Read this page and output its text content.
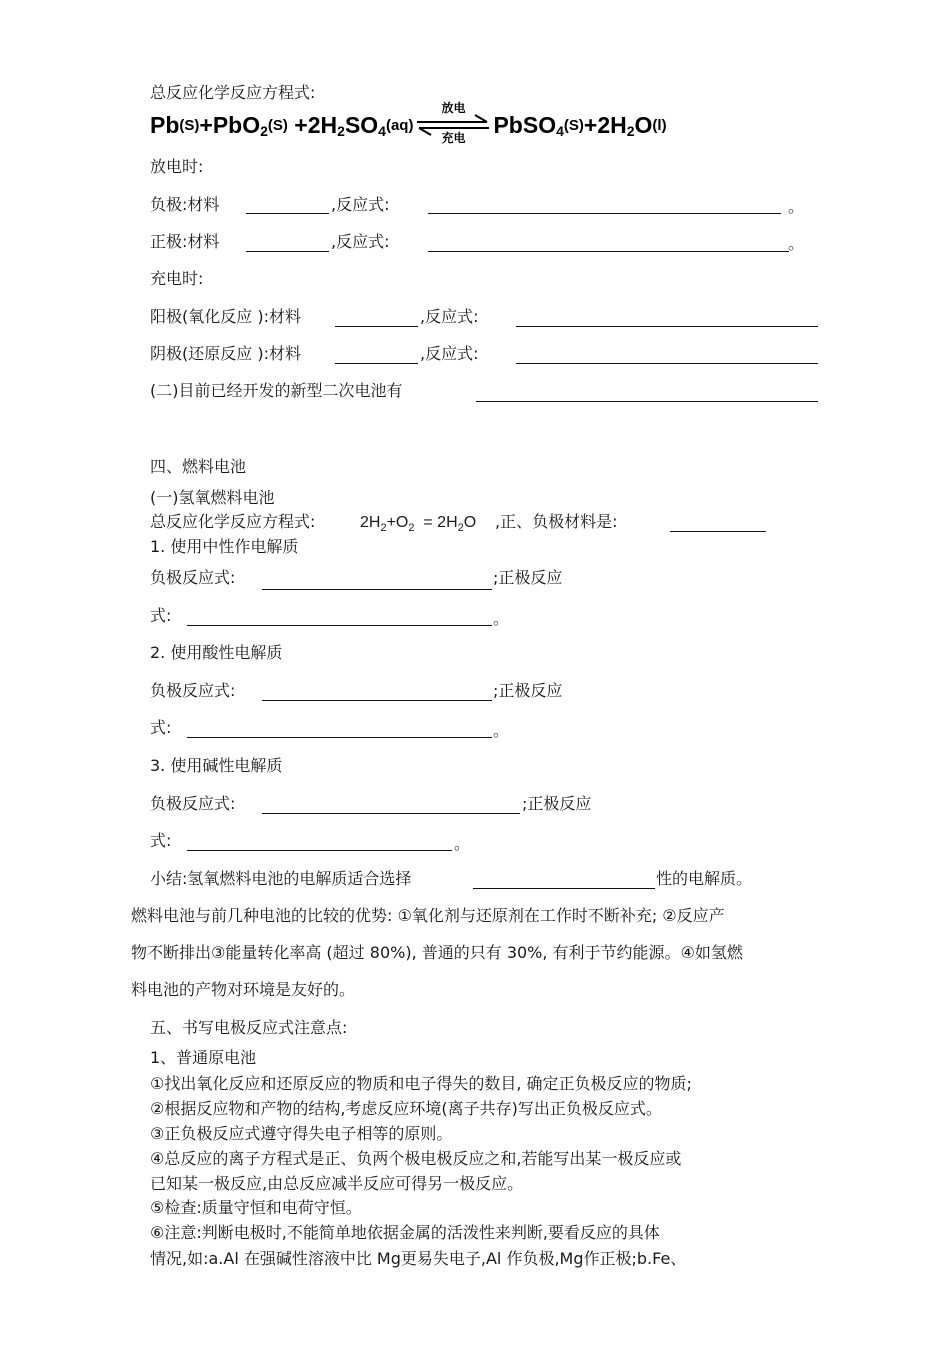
总反应化学反应方程式:
$Pb(S)+PbO_2(S) +2H_2SO_4(aq)$
放电
充电	$PbSO_4(S)+2H_2O(l)$
放电时:
负极:材料	,反应式:	。
正极:材料	,反应式:	。
充电时:
阳极(氧化反应 ):材料	,反应式:
阴极(还原反应 ):材料	,反应式:
(二)目前已经开发的新型二次电池有
四、燃料电池
(一)氢氧燃料电池
总反应化学反应方程式:	$2H_2+O_2 = 2H_2O$ ,正、负极材料是:
1. 使用中性作电解质
负极反应式:	;正极反应
式:	。
2. 使用酸性电解质
负极反应式:	;正极反应
式:	。
3. 使用碱性电解质
负极反应式:	;正极反应
式:	。
小结:氢氧燃料电池的电解质适合选择	性的电解质。
燃料电池与前几种电池的比较的优势: ①氧化剂与还原剂在工作时不断补充; ②反应产
物不断排出③能量转化率高 (超过 80%), 普通的只有 30%, 有利于节约能源。④如氢燃
料电池的产物对环境是友好的。
五、书写电极反应式注意点:
1、普通原电池
①找出氧化反应和还原反应的物质和电子得失的数目, 确定正负极反应的物质;
②根据反应物和产物的结构,考虑反应环境(离子共存)写出正负极反应式。
③正负极反应式遵守得失电子相等的原则。
④总反应的离子方程式是正、负两个极电极反应之和,若能写出某一极反应或
已知某一极反应,由总反应减半反应可得另一极反应。
⑤检查:质量守恒和电荷守恒。
⑥注意:判断电极时,不能简单地依据金属的活泼性来判断,要看反应的具体
情况,如:a.Al 在强碱性溶液中比 Mg更易失电子,Al 作负极,Mg作正极;b.Fe、
